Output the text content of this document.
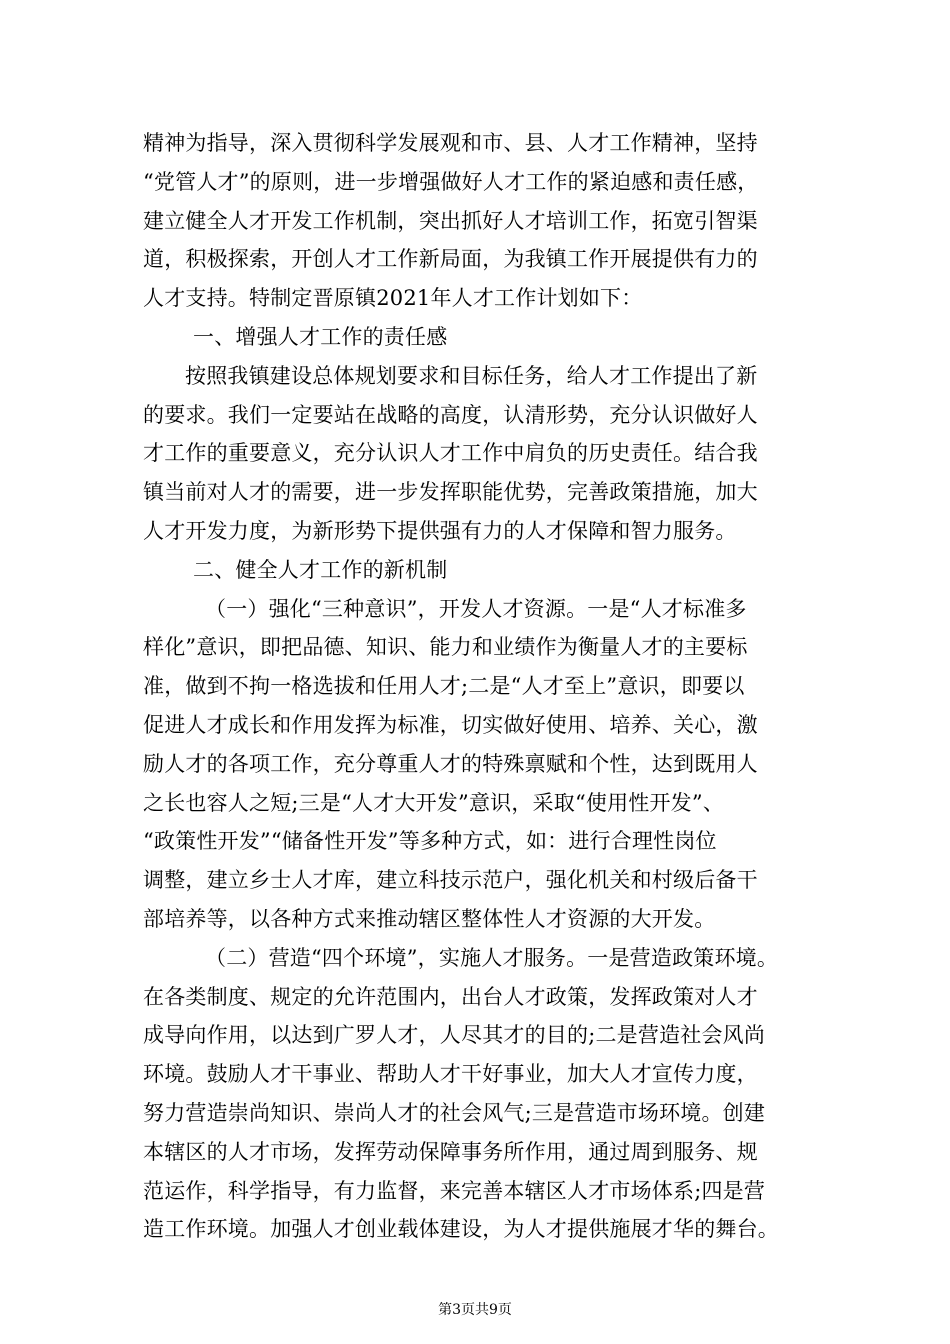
精神为指导，深入贯彻科学发展观和市、县、人才工作精神，坚持
“党管人才”的原则，进一步增强做好人才工作的紧迫感和责任感，
建立健全人才开发工作机制，突出抓好人才培训工作，拓宽引智渠
道，积极探索，开创人才工作新局面，为我镇工作开展提供有力的
人才支持。特制定晋原镇2021年人才工作计划如下：
一、增强人才工作的责任感
按照我镇建设总体规划要求和目标任务，给人才工作提出了新
的要求。我们一定要站在战略的高度，认清形势，充分认识做好人
才工作的重要意义，充分认识人才工作中肩负的历史责任。结合我
镇当前对人才的需要，进一步发挥职能优势，完善政策措施，加大
人才开发力度，为新形势下提供强有力的人才保障和智力服务。
二、健全人才工作的新机制
（一）强化“三种意识”，开发人才资源。一是“人才标准多
样化”意识，即把品德、知识、能力和业绩作为衡量人才的主要标
准，做到不拘一格选拔和任用人才;二是“人才至上”意识，即要以
促进人才成长和作用发挥为标准，切实做好使用、培养、关心，激
励人才的各项工作，充分尊重人才的特殊禀赋和个性，达到既用人
之长也容人之短;三是“人才大开发”意识，采取“使用性开发”、
“政策性开发”“储备性开发”等多种方式，如：进行合理性岗位
调整，建立乡士人才库，建立科技示范户，强化机关和村级后备干
部培养等，以各种方式来推动辖区整体性人才资源的大开发。
（二）营造“四个环境”，实施人才服务。一是营造政策环境。
在各类制度、规定的允许范围内，出台人才政策，发挥政策对人才
成导向作用，以达到广罗人才，人尽其才的目的;二是营造社会风尚
环境。鼓励人才干事业、帮助人才干好事业，加大人才宣传力度，
努力营造崇尚知识、崇尚人才的社会风气;三是营造市场环境。创建
本辖区的人才市场，发挥劳动保障事务所作用，通过周到服务、规
范运作，科学指导，有力监督，来完善本辖区人才市场体系;四是营
造工作环境。加强人才创业载体建设，为人才提供施展才华的舞台。
第3页共9页
